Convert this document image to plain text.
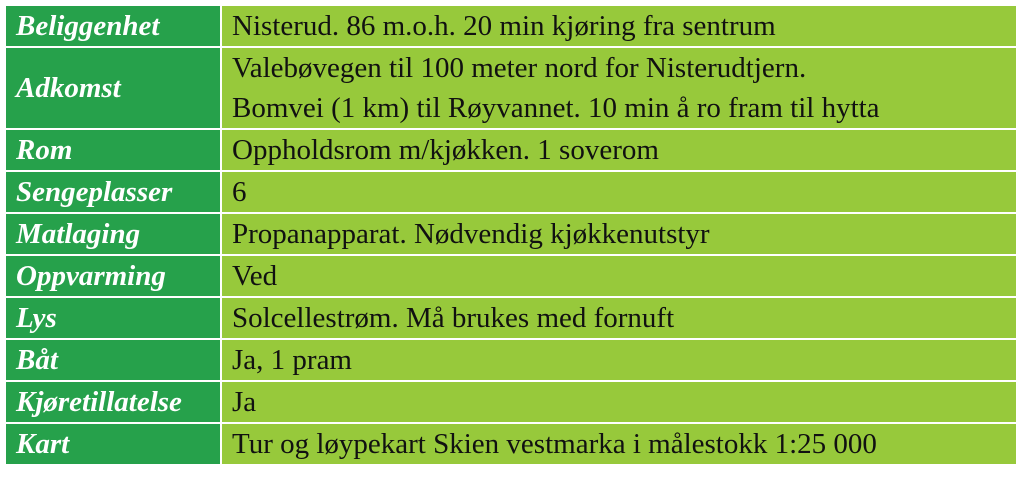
Beliggenhet	Nisterud. 86 m.o.h. 20 min kjøring fra sentrum

Adkomst	Valebøvegen til 100 meter nord for Nisterudtjern.
Bomvei (1 km) til Røyvannet. 10 min å ro fram til hytta

Rom	Oppholdsrom m/kjøkken. 1 soverom

Sengeplasser	6

Matlaging	Propanapparat. Nødvendig kjøkkenutstyr

Oppvarming	Ved

Lys	Solcellestrøm. Må brukes med fornuft

Båt	Ja, 1 pram

Kjøretillatelse	Ja

Kart	Tur og løypekart Skien vestmarka i målestokk 1:25 000
